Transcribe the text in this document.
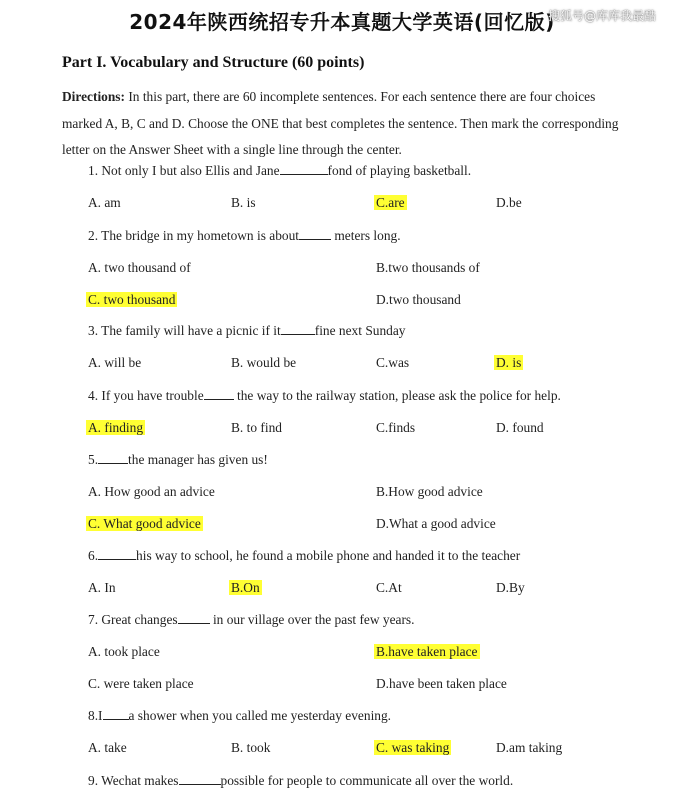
2024年陕西统招专升本真题大学英语(回忆版)
搜狐号@库库我最酷
Part I. Vocabulary and Structure (60 points)
Directions: In this part, there are 60 incomplete sentences. For each sentence there are four choices marked A, B, C and D. Choose the ONE that best completes the sentence. Then mark the corresponding letter on the Answer Sheet with a single line through the center.
1. Not only I but also Ellis and Jane	fond of playing basketball.
A. am	B. is	C.are	D.be
2. The bridge in my hometown is about meters long.
A. two thousand of	B.two thousands of
C. two thousand	D.two thousand
3. The family will have a picnic if it	fine next Sunday
A. will be	B. would be	C.was	D. is
4. If you have trouble the way to the railway station, please ask the police for help.
A. finding	B. to find	C.finds	D. found
5. the manager has given us!
A. How good an advice	B.How good advice
C. What good advice	D.What a good advice
6.	his way to school, he found a mobile phone and handed it to the teacher
A. In	B.On	C.At	D.By
7. Great changes in our village over the past few years.
A. took place	B.have taken place
C. were taken place	D.have been taken place
8.I a shower when you called me yesterday evening.
A. take	B. took	C. was taking	D.am taking
9. Wechat makes	possible for people to communicate all over the world.
